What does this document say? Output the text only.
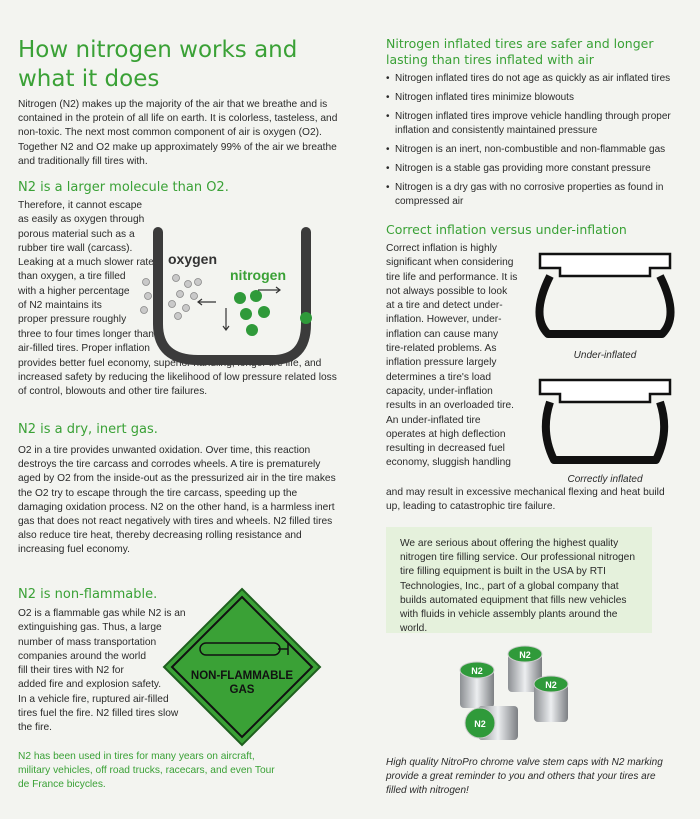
How nitrogen works and what it does

Nitrogen (N2) makes up the majority of the air that we breathe and is contained in the protein of all life on earth. It is colorless, tasteless, and non-toxic. The next most common component of air is oxygen (O2). Together N2 and O2 make up approximately 99% of the air we breathe and traditionally fill tires with.

N2 is a larger molecule than O2.
Therefore, it cannot escape
as easily as oxygen through
porous material such as a
rubber tire wall (carcass).
Leaking at a much slower rate
than oxygen, a tire filled
with a higher percentage
of N2 maintains its
proper pressure roughly
three to four times longer than
air-filled tires. Proper inflation

provides better fuel economy, superior handling, longer tire life, and increased safety by reducing the likelihood of low pressure related loss of control, blowouts and other tire failures.

oxygen
nitrogen
N2 is a dry, inert gas.

O2 in a tire provides unwanted oxidation. Over time, this reaction destroys the tire carcass and corrodes wheels. A tire is prematurely aged by O2 from the inside-out as the pressurized air in the tire makes the O2 try to escape through the tire carcass, speeding up the damaging oxidation process. N2 on the other hand, is a harmless inert gas that does not react negatively with tires and wheels. N2 filled tires also reduce tire heat, thereby decreasing rolling resistance and increasing fuel economy.

N2 is non-flammable.
O2 is a flammable gas while N2 is an
extinguishing gas. Thus, a large
number of mass transportation
companies around the world
fill their tires with N2 for
added fire and explosion safety.
In a vehicle fire, ruptured air-filled
tires fuel the fire. N2 filled tires slow
the fire.
NON-FLAMMABLE
GAS

N2 has been used in tires for many years on aircraft, military vehicles, off road trucks, racecars, and even Tour de France bicycles.

Nitrogen inflated tires are safer and longer lasting than tires inflated with air
• Nitrogen inflated tires do not age as quickly as air inflated tires
• Nitrogen inflated tires minimize blowouts
• Nitrogen inflated tires improve vehicle handling through proper inflation and consistently maintained pressure
• Nitrogen is an inert, non-combustible and non-flammable gas
• Nitrogen is a stable gas providing more constant pressure
• Nitrogen is a dry gas with no corrosive properties as found in compressed air
Correct inflation versus under-inflation
Correct inflation is highly
significant when considering
tire life and performance. It is
not always possible to look
at a tire and detect under-
inflation. However, under-
inflation can cause many
tire-related problems. As
inflation pressure largely
determines a tire's load
capacity, under-inflation
results in an overloaded tire.
An under-inflated tire
operates at high deflection
resulting in decreased fuel
economy, sluggish handling

and may result in excessive mechanical flexing and heat build up, leading to catastrophic tire failure.

Under-inflated
Correctly inflated
We are serious about offering the highest quality nitrogen tire filling service. Our professional nitrogen tire filling equipment is built in the USA by RTI Technologies, Inc., part of a global company that builds automated equipment that fills new vehicles with fluids in vehicle assembly plants around the world.
N2
N2
N2
N2
High quality NitroPro chrome valve stem caps with N2 marking provide a great reminder to you and others that your tires are filled with nitrogen!
